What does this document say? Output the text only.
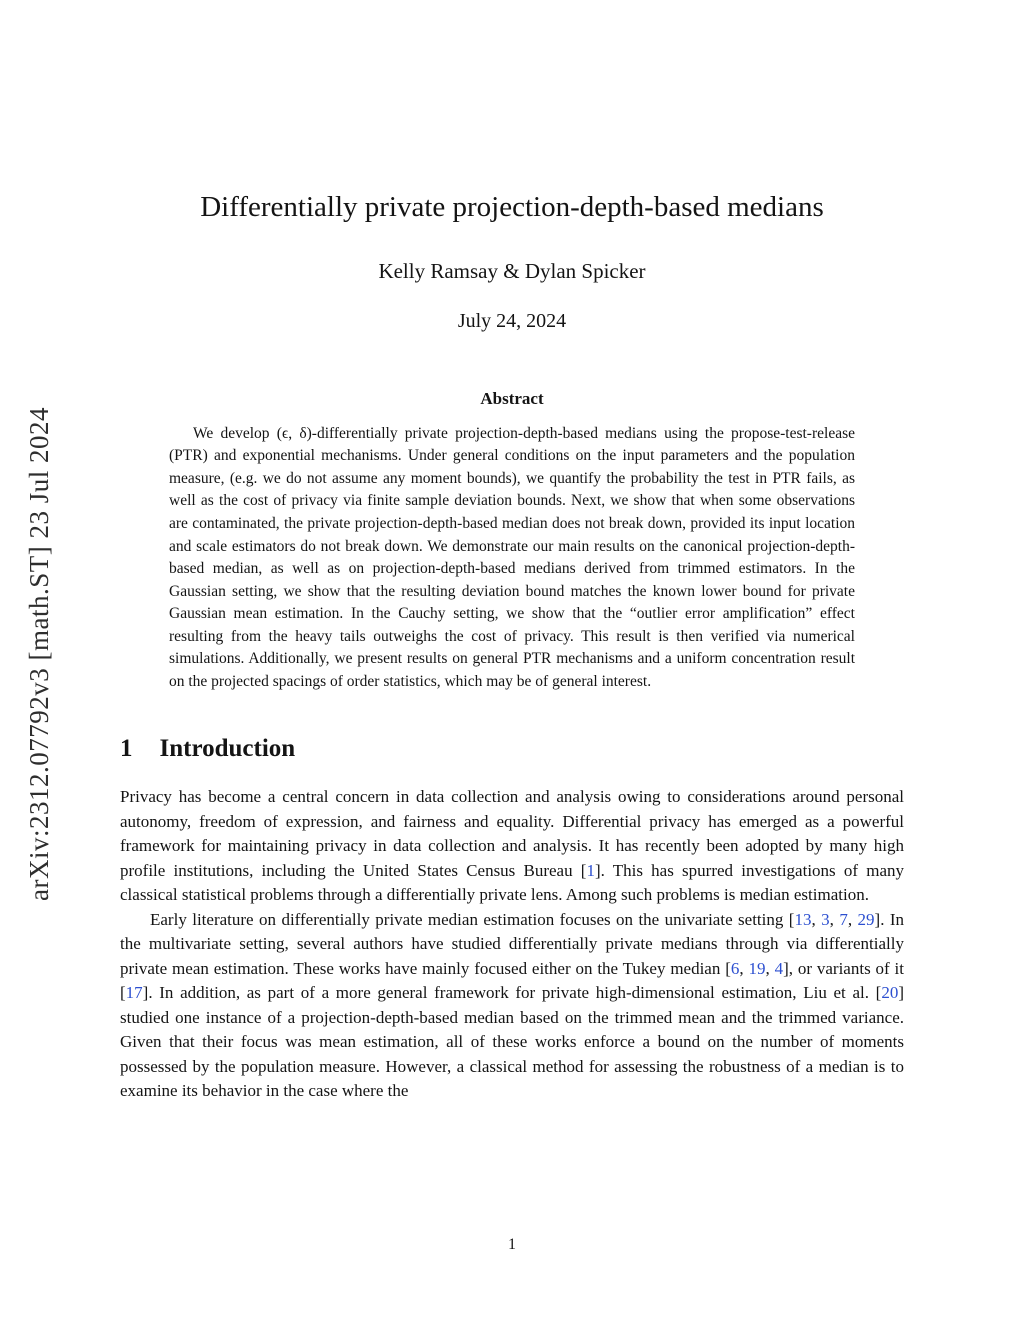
arXiv:2312.07792v3 [math.ST] 23 Jul 2024
Differentially private projection-depth-based medians
Kelly Ramsay & Dylan Spicker
July 24, 2024
Abstract

We develop (ϵ, δ)-differentially private projection-depth-based medians using the propose-test-release (PTR) and exponential mechanisms. Under general conditions on the input parameters and the population measure, (e.g. we do not assume any moment bounds), we quantify the probability the test in PTR fails, as well as the cost of privacy via finite sample deviation bounds. Next, we show that when some observations are contaminated, the private projection-depth-based median does not break down, provided its input location and scale estimators do not break down. We demonstrate our main results on the canonical projection-depth-based median, as well as on projection-depth-based medians derived from trimmed estimators. In the Gaussian setting, we show that the resulting deviation bound matches the known lower bound for private Gaussian mean estimation. In the Cauchy setting, we show that the “outlier error amplification” effect resulting from the heavy tails outweighs the cost of privacy. This result is then verified via numerical simulations. Additionally, we present results on general PTR mechanisms and a uniform concentration result on the projected spacings of order statistics, which may be of general interest.

1 Introduction

Privacy has become a central concern in data collection and analysis owing to considerations around personal autonomy, freedom of expression, and fairness and equality. Differential privacy has emerged as a powerful framework for maintaining privacy in data collection and analysis. It has recently been adopted by many high profile institutions, including the United States Census Bureau [1]. This has spurred investigations of many classical statistical problems through a differentially private lens. Among such problems is median estimation.

Early literature on differentially private median estimation focuses on the univariate setting [13, 3, 7, 29]. In the multivariate setting, several authors have studied differentially private medians through via differentially private mean estimation. These works have mainly focused either on the Tukey median [6, 19, 4], or variants of it [17]. In addition, as part of a more general framework for private high-dimensional estimation, Liu et al. [20] studied one instance of a projection-depth-based median based on the trimmed mean and the trimmed variance. Given that their focus was mean estimation, all of these works enforce a bound on the number of moments possessed by the population measure. However, a classical method for assessing the robustness of a median is to examine its behavior in the case where the

1
